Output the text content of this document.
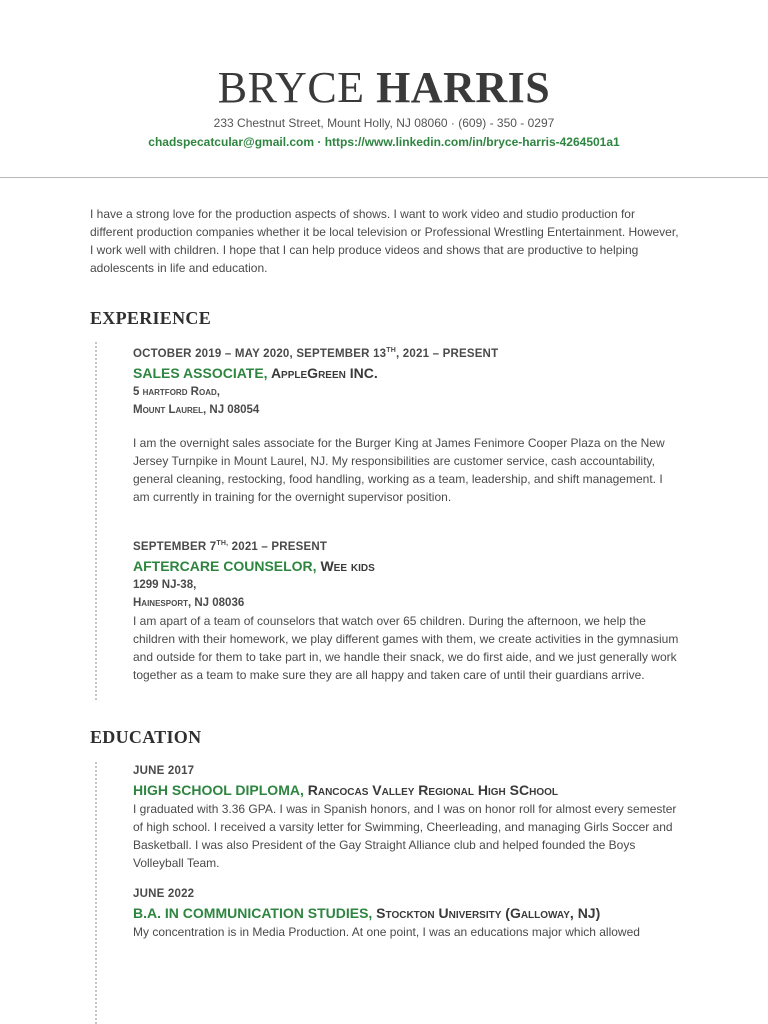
BRYCE HARRIS
233 Chestnut Street, Mount Holly, NJ 08060 · (609) - 350 - 0297
chadspecatcular@gmail.com · https://www.linkedin.com/in/bryce-harris-4264501a1
I have a strong love for the production aspects of shows. I want to work video and studio production for different production companies whether it be local television or Professional Wrestling Entertainment. However, I work well with children. I hope that I can help produce videos and shows that are productive to helping adolescents in life and education.
EXPERIENCE
OCTOBER 2019 – MAY 2020, SEPTEMBER 13TH, 2021 – PRESENT
SALES ASSOCIATE, AppleGreen INC.
5 hartford Road,
Mount Laurel, NJ 08054
I am the overnight sales associate for the Burger King at James Fenimore Cooper Plaza on the New Jersey Turnpike in Mount Laurel, NJ. My responsibilities are customer service, cash accountability, general cleaning, restocking, food handling, working as a team, leadership, and shift management. I am currently in training for the overnight supervisor position.
SEPTEMBER $7^{TH,}$ 2021 – PRESENT
AFTERCARE COUNSELOR, Wee kids
1299 NJ-38,
Hainesport, NJ 08036
I am apart of a team of counselors that watch over 65 children. During the afternoon, we help the children with their homework, we play different games with them, we create activities in the gymnasium and outside for them to take part in, we handle their snack, we do first aide, and we just generally work together as a team to make sure they are all happy and taken care of until their guardians arrive.
EDUCATION
JUNE 2017
HIGH SCHOOL DIPLOMA, Rancocas Valley Regional High SChool
I graduated with 3.36 GPA. I was in Spanish honors, and I was on honor roll for almost every semester of high school. I received a varsity letter for Swimming, Cheerleading, and managing Girls Soccer and Basketball. I was also President of the Gay Straight Alliance club and helped founded the Boys Volleyball Team.
JUNE 2022
B.A. IN COMMUNICATION STUDIES, Stockton University (Galloway, NJ)
My concentration is in Media Production. At one point, I was an educations major which allowed
